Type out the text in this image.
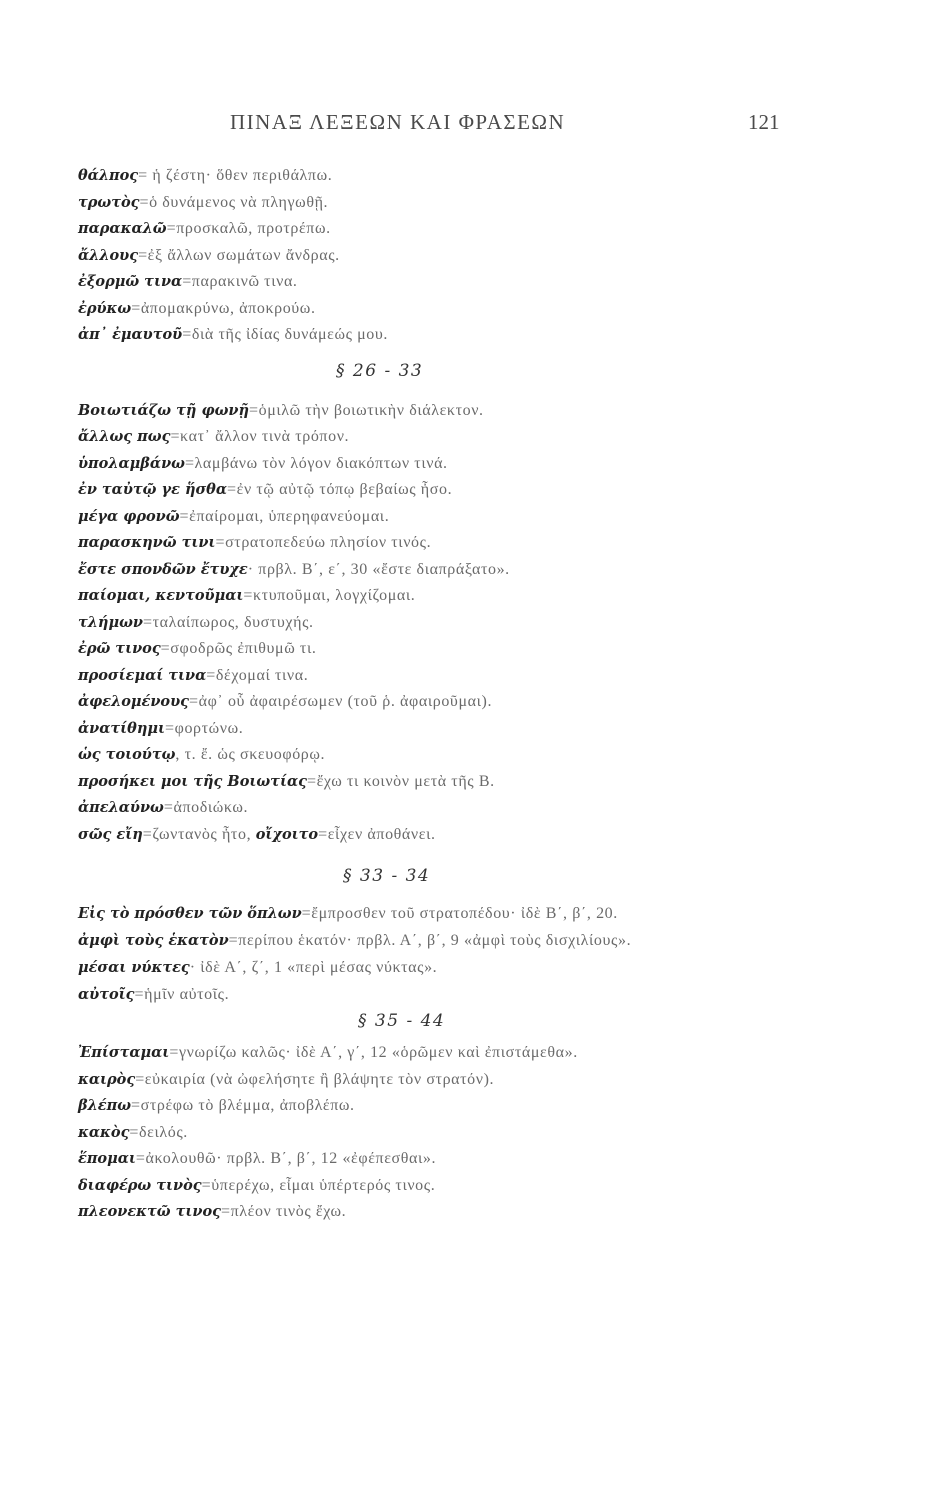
ΠΙΝΑΞ ΛΕΞΕΩΝ ΚΑΙ ΦΡΑΣΕΩΝ	121
θάλπος= ἡ ζέστη· ὅθεν περιθάλπω.
τρωτὸς=ὁ δυνάμενος νὰ πληγωθῇ.
παρακαλῶ=προσκαλῶ, προτρέπω.
ἄλλους=ἐξ ἄλλων σωμάτων ἄνδρας.
ἐξορμῶ τινα=παρακινῶ τινα.
ἐρύκω=ἀπομακρύνω, ἀποκρούω.
ἀπ᾿ ἐμαυτοῦ=διὰ τῆς ἰδίας δυνάμεώς μου.
§ 26 - 33
Βοιωτιάζω τῇ φωνῇ=ὁμιλῶ τὴν βοιωτικὴν διάλεκτον.
ἄλλως πως=κατ᾿ ἄλλον τινὰ τρόπον.
ὑπολαμβάνω=λαμβάνω τὸν λόγον διακόπτων τινά.
ἐν ταὐτῷ γε ἥσθα=ἐν τῷ αὐτῷ τόπῳ βεβαίως ἦσο.
μέγα φρονῶ=ἐπαίρομαι, ὑπερηφανεύομαι.
παρασκηνῶ τινι=στρατοπεδεύω πλησίον τινός.
ἔστε σπονδῶν ἔτυχε· πρβλ. Β΄, ε΄, 30 «ἔστε διαπράξατο».
παίομαι, κεντοῦμαι=κτυποῦμαι, λογχίζομαι.
τλήμων=ταλαίπωρος, δυστυχής.
ἐρῶ τινος=σφοδρῶς ἐπιθυμῶ τι.
προσίεμαί τινα=δέχομαί τινα.
ἀφελομένους=ἀφ᾿ οὗ ἀφαιρέσωμεν (τοῦ ῥ. ἀφαιροῦμαι).
ἀνατίθημι=φορτώνω.
ὡς τοιούτῳ, τ. ἔ. ὡς σκευοφόρῳ.
προσήκει μοι τῆς Βοιωτίας=ἔχω τι κοινὸν μετὰ τῆς Β.
ἀπελαύνω=ἀποδιώκω.
σῶς εἴη=ζωντανὸς ἦτο, οἴχοιτο=εἶχεν ἀποθάνει.
§ 33 - 34
Εἰς τὸ πρόσθεν τῶν ὅπλων=ἔμπροσθεν τοῦ στρατοπέδου· ἰδὲ Β΄, β΄, 20.
ἀμφὶ τοὺς ἑκατὸν=περίπου ἑκατόν· πρβλ. Α΄, β΄, 9 «ἀμφὶ τοὺς δισχιλίους».
μέσαι νύκτες· ἰδὲ Α΄, ζ΄, 1 «περὶ μέσας νύκτας».
αὐτοῖς=ἡμῖν αὐτοῖς.
§ 35 - 44
Ἐπίσταμαι=γνωρίζω καλῶς· ἰδὲ Α΄, γ΄, 12 «ὁρῶμεν καὶ ἐπιστάμεθα».
καιρὸς=εὐκαιρία (νὰ ὠφελήσητε ἢ βλάψητε τὸν στρατόν).
βλέπω=στρέφω τὸ βλέμμα, ἀποβλέπω.
κακὸς=δειλός.
ἕπομαι=ἀκολουθῶ· πρβλ. Β΄, β΄, 12 «ἐφέπεσθαι».
διαφέρω τινὸς=ὑπερέχω, εἶμαι ὑπέρτερός τινος.
πλεονεκτῶ τινος=πλέον τινὸς ἔχω.
